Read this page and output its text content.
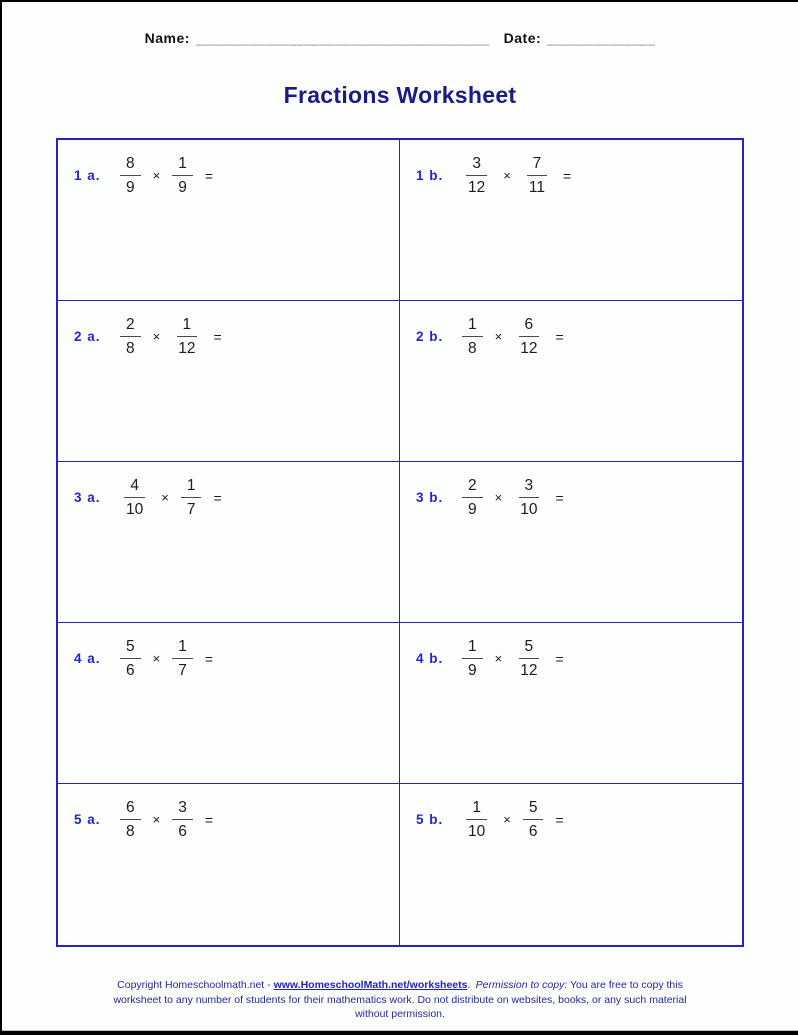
Name: ______________________________________ Date: ______________
Fractions Worksheet
1 a. $\frac{8}{9} \times \frac{1}{9}$ =	1 b. $\frac{3}{12} \times \frac{7}{11}$ =
2 a. $\frac{2}{8} \times \frac{1}{12}$ =	2 b. $\frac{1}{8} \times \frac{6}{12}$ =
3 a. $\frac{4}{10} \times \frac{1}{7}$ =	3 b. $\frac{2}{9} \times \frac{3}{10}$ =
4 a. $\frac{5}{6} \times \frac{1}{7}$ =	4 b. $\frac{1}{9} \times \frac{5}{12}$ =
5 a. $\frac{6}{8} \times \frac{3}{6}$ =	5 b. $\frac{1}{10} \times \frac{5}{6}$ =
Copyright Homeschoolmath.net - www.HomeschoolMath.net/worksheets. Permission to copy: You are free to copy this worksheet to any number of students for their mathematics work. Do not distribute on websites, books, or any such material without permission.
